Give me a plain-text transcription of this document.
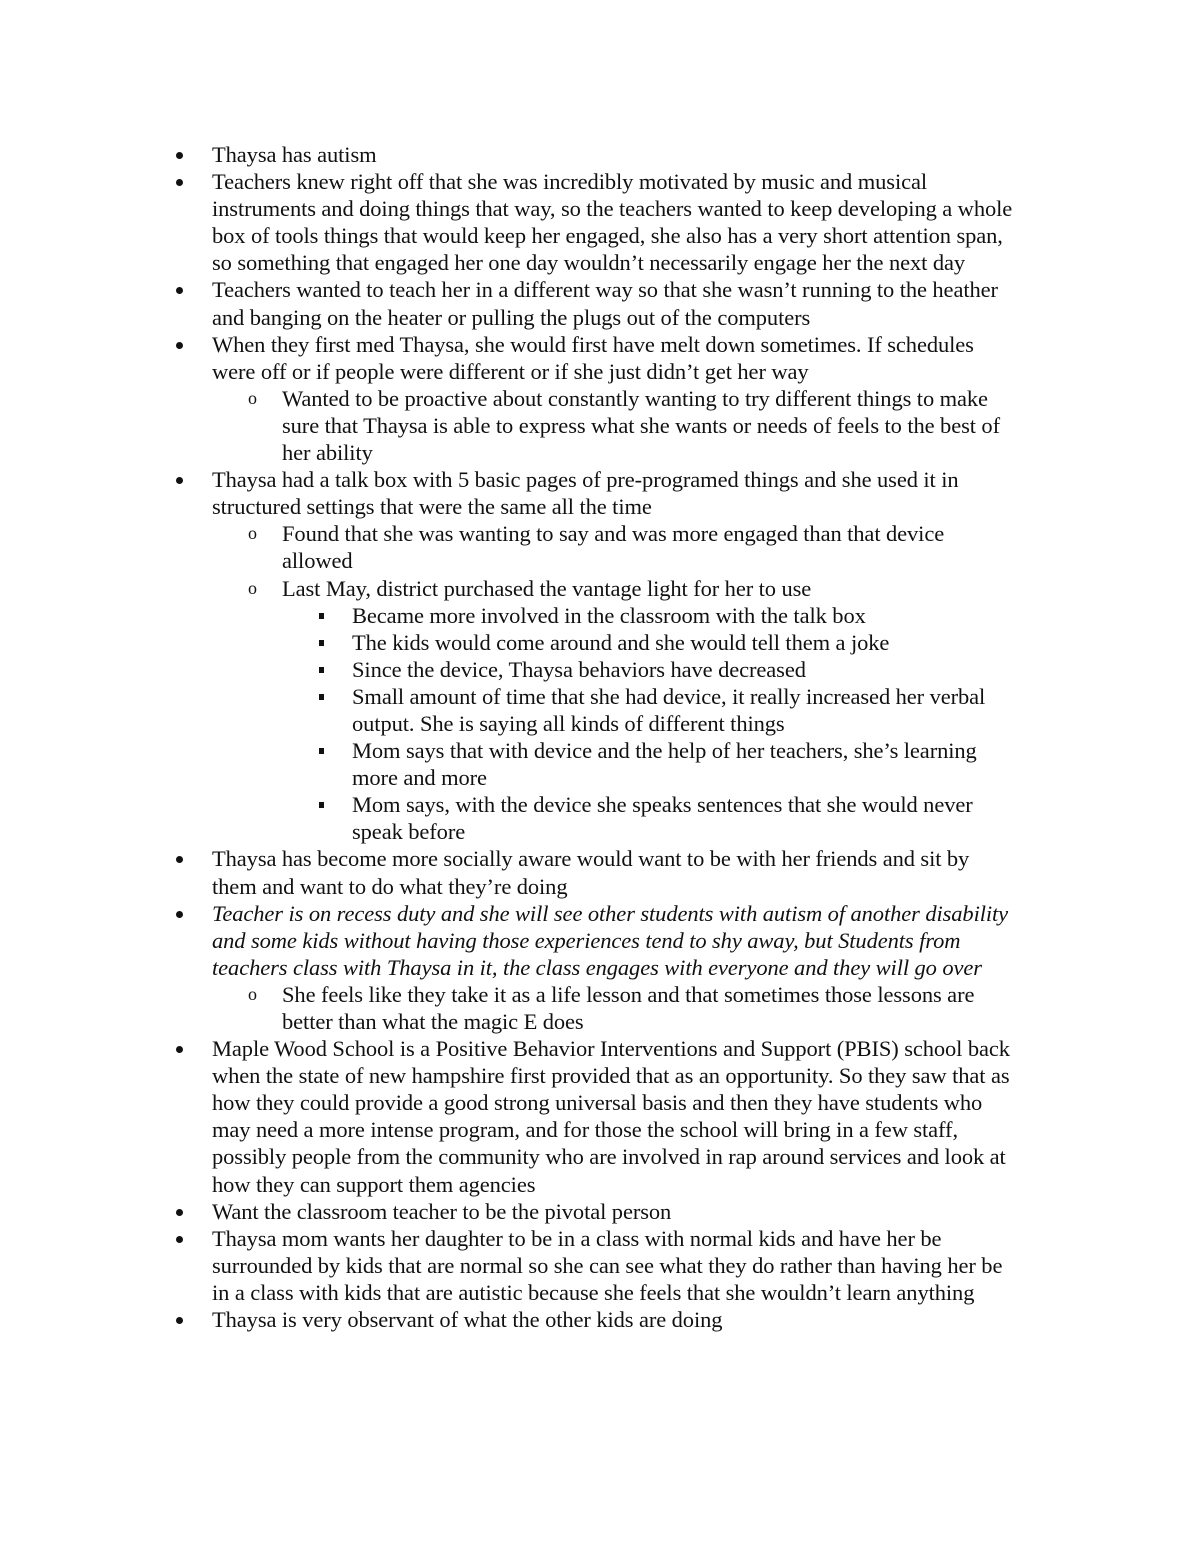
Thaysa has autism
Teachers knew right off that she was incredibly motivated by music and musical
instruments and doing things that way, so the teachers wanted to keep developing a whole
box of tools things that would keep her engaged, she also has a very short attention span,
so something that engaged her one day wouldn’t necessarily engage her the next day
Teachers wanted to teach her in a different way so that she wasn’t running to the heather
and banging on the heater or pulling the plugs out of the computers
When they first med Thaysa, she would first have melt down sometimes. If schedules
were off or if people were different or if she just didn’t get her way
o Wanted to be proactive about constantly wanting to try different things to make
sure that Thaysa is able to express what she wants or needs of feels to the best of
her ability
Thaysa had a talk box with 5 basic pages of pre-programed things and she used it in
structured settings that were the same all the time
o Found that she was wanting to say and was more engaged than that device
allowed
o Last May, district purchased the vantage light for her to use
Became more involved in the classroom with the talk box
The kids would come around and she would tell them a joke
Since the device, Thaysa behaviors have decreased
Small amount of time that she had device, it really increased her verbal
output. She is saying all kinds of different things
Mom says that with device and the help of her teachers, she’s learning
more and more
Mom says, with the device she speaks sentences that she would never
speak before
Thaysa has become more socially aware would want to be with her friends and sit by
them and want to do what they’re doing
Teacher is on recess duty and she will see other students with autism of another disability
and some kids without having those experiences tend to shy away, but Students from
teachers class with Thaysa in it, the class engages with everyone and they will go over
o She feels like they take it as a life lesson and that sometimes those lessons are
better than what the magic E does
Maple Wood School is a Positive Behavior Interventions and Support (PBIS) school back
when the state of new hampshire first provided that as an opportunity. So they saw that as
how they could provide a good strong universal basis and then they have students who
may need a more intense program, and for those the school will bring in a few staff,
possibly people from the community who are involved in rap around services and look at
how they can support them agencies
Want the classroom teacher to be the pivotal person
Thaysa mom wants her daughter to be in a class with normal kids and have her be
surrounded by kids that are normal so she can see what they do rather than having her be
in a class with kids that are autistic because she feels that she wouldn’t learn anything
Thaysa is very observant of what the other kids are doing
